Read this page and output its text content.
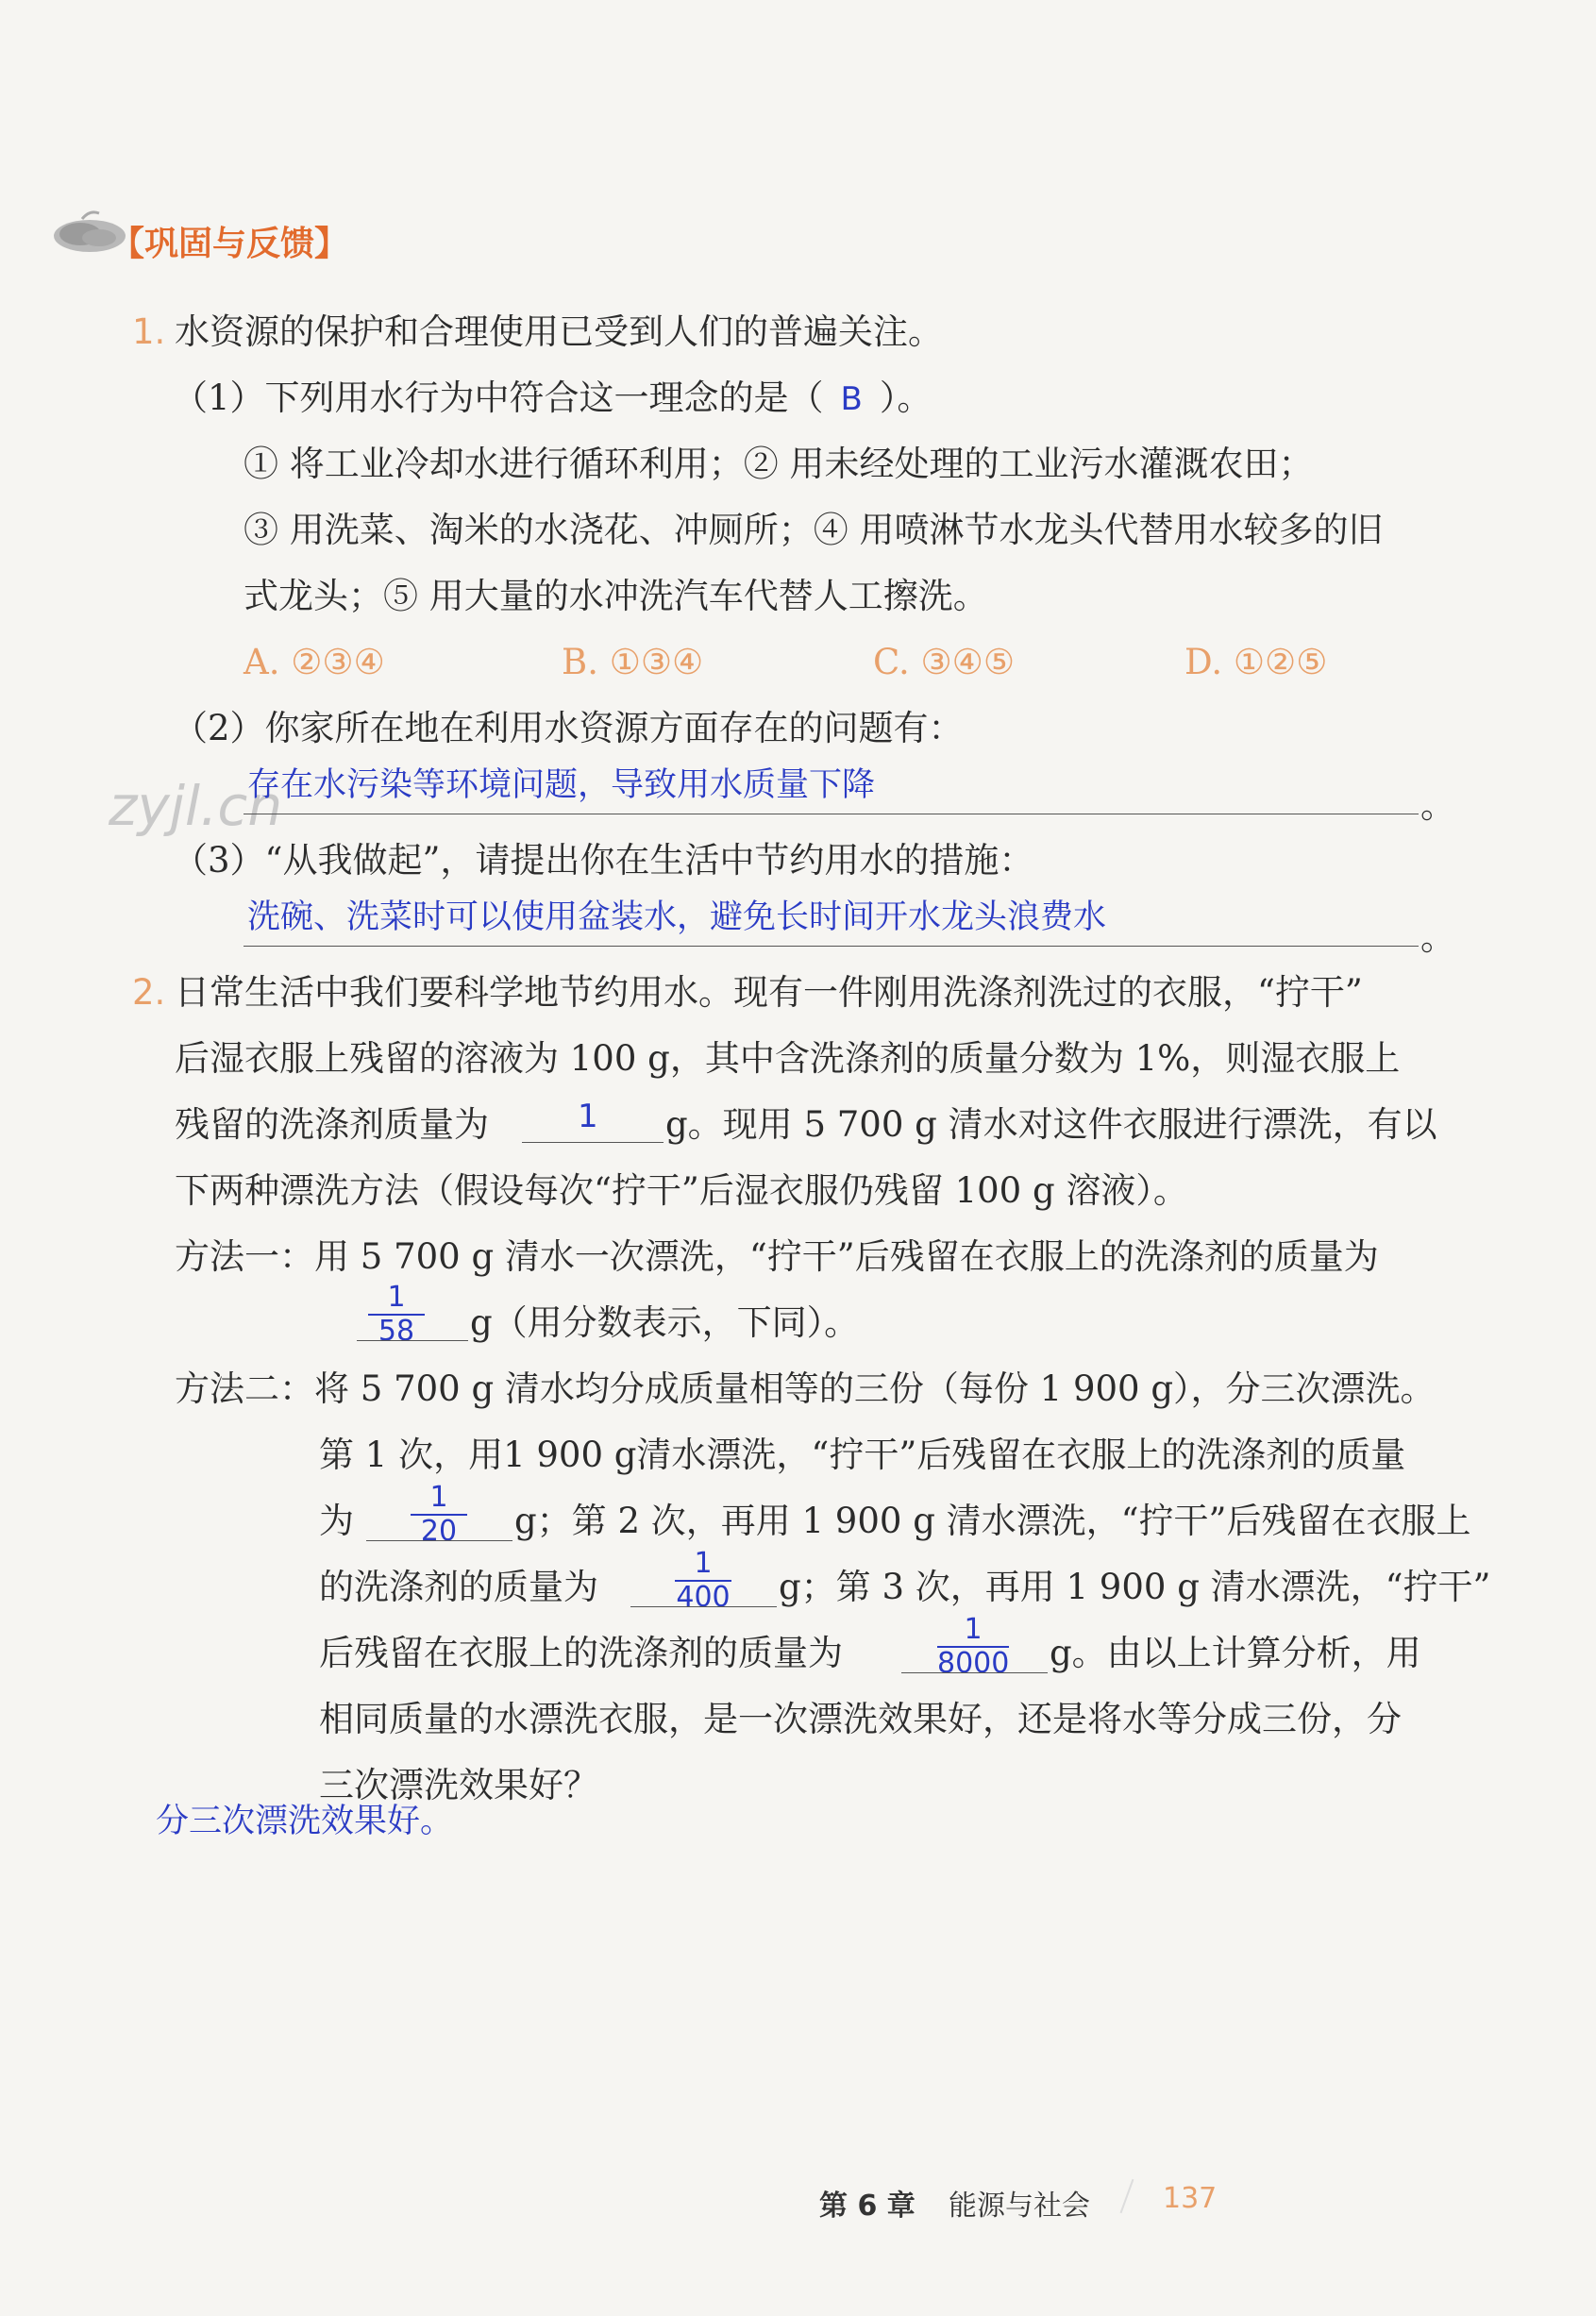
【巩固与反馈】
zyjl.cn
1. 水资源的保护和合理使用已受到人们的普遍关注。
（1）下列用水行为中符合这一理念的是（ B ）。
① 将工业冷却水进行循环利用；② 用未经处理的工业污水灌溉农田；
③ 用洗菜、淘米的水浇花、冲厕所；④ 用喷淋节水龙头代替用水较多的旧
式龙头；⑤ 用大量的水冲洗汽车代替人工擦洗。
A. ②③④	B. ①③④	C. ③④⑤	D. ①②⑤
（2）你家所在地在利用水资源方面存在的问题有：
存在水污染等环境问题，导致用水质量下降	。
（3）“从我做起”，请提出你在生活中节约用水的措施：
洗碗、洗菜时可以使用盆装水，避免长时间开水龙头浪费水	。
2. 日常生活中我们要科学地节约用水。现有一件刚用洗涤剂洗过的衣服，“拧干”
后湿衣服上残留的溶液为 100 g，其中含洗涤剂的质量分数为 1%，则湿衣服上
残留的洗涤剂质量为	1 g。现用 5 700 g 清水对这件衣服进行漂洗，有以
下两种漂洗方法（假设每次“拧干”后湿衣服仍残留 100 g 溶液）。
方法一：用 5 700 g 清水一次漂洗，“拧干”后残留在衣服上的洗涤剂的质量为
1
58 g（用分数表示，下同）。
方法二：将 5 700 g 清水均分成质量相等的三份（每份 1 900 g），分三次漂洗。
第 1 次，用1 900 g清水漂洗，“拧干”后残留在衣服上的洗涤剂的质量
为
1
20 g；第 2 次，再用 1 900 g 清水漂洗，“拧干”后残留在衣服上
的洗涤剂的质量为
1
400 g；第 3 次，再用 1 900 g 清水漂洗，“拧干”
后残留在衣服上的洗涤剂的质量为
1
8000 g。由以上计算分析，用
相同质量的水漂洗衣服，是一次漂洗效果好，还是将水等分成三份，分
三次漂洗效果好？
分三次漂洗效果好。
第 6 章 能源与社会	137
